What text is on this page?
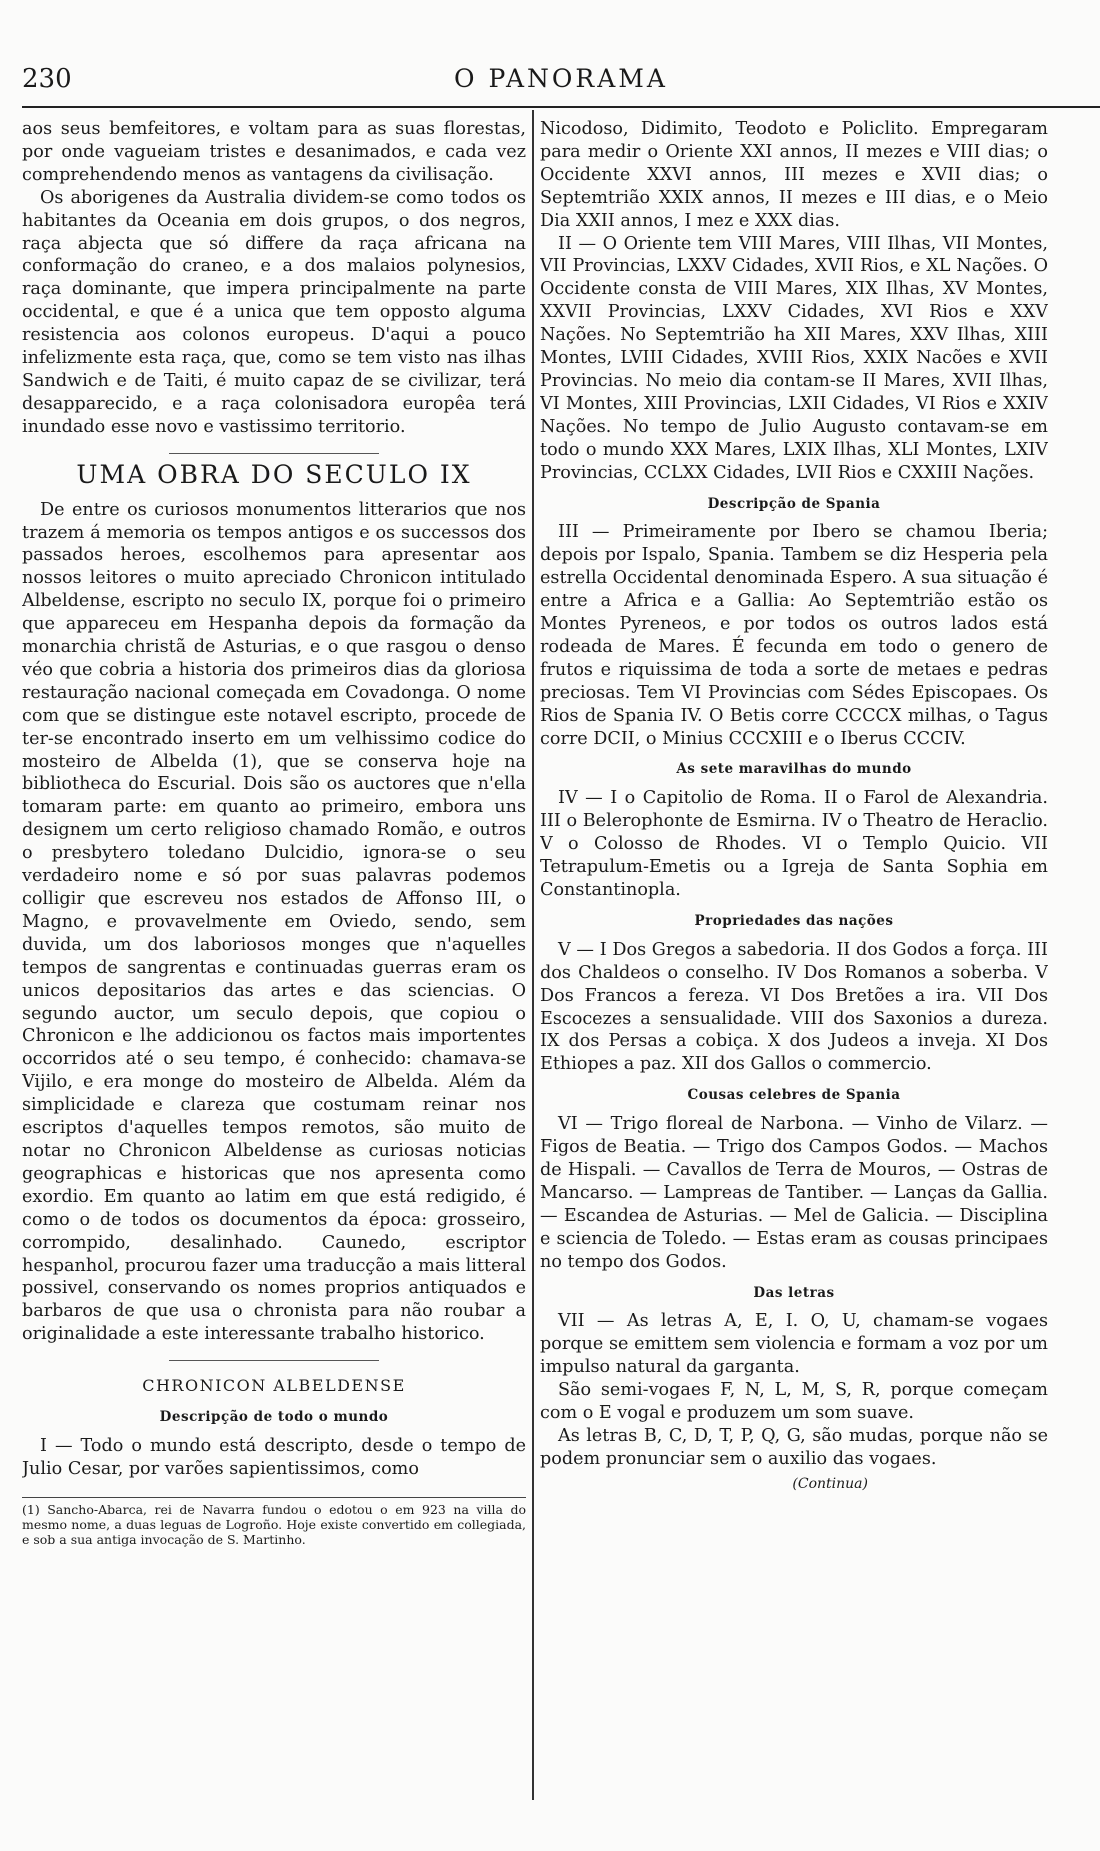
O PANORAMA
230

aos seus bemfeitores, e voltam para as suas florestas, por onde vagueiam tristes e desanimados, e cada vez comprehendendo menos as vantagens da civilisação.

Os aborigenes da Australia dividem-se como todos os habitantes da Oceania em dois grupos, o dos negros, raça abjecta que só differe da raça africana na conformação do craneo, e a dos malaios polynesios, raça dominante, que impera principalmente na parte occidental, e que é a unica que tem opposto alguma resistencia aos colonos europeus. D'aqui a pouco infelizmente esta raça, que, como se tem visto nas ilhas Sandwich e de Taiti, é muito capaz de se civilizar, terá desapparecido, e a raça colonisadora europêa terá inundado esse novo e vastissimo territorio.

UMA OBRA DO SECULO IX

De entre os curiosos monumentos litterarios que nos trazem á memoria os tempos antigos e os successos dos passados heroes, escolhemos para apresentar aos nossos leitores o muito apreciado Chronicon intitulado Albeldense, escripto no seculo IX, porque foi o primeiro que appareceu em Hespanha depois da formação da monarchia christã de Asturias, e o que rasgou o denso véo que cobria a historia dos primeiros dias da gloriosa restauração nacional começada em Covadonga. O nome com que se distingue este notavel escripto, procede de ter-se encontrado inserto em um velhissimo codice do mosteiro de Albelda (1), que se conserva hoje na bibliotheca do Escurial. Dois são os auctores que n'ella tomaram parte: em quanto ao primeiro, embora uns designem um certo religioso chamado Romão, e outros o presbytero toledano Dulcidio, ignora-se o seu verdadeiro nome e só por suas palavras podemos colligir que escreveu nos estados de Affonso III, o Magno, e provavelmente em Oviedo, sendo, sem duvida, um dos laboriosos monges que n'aquelles tempos de sangrentas e continuadas guerras eram os unicos depositarios das artes e das sciencias. O segundo auctor, um seculo depois, que copiou o Chronicon e lhe addicionou os factos mais importentes occorridos até o seu tempo, é conhecido: chamava-se Vijilo, e era monge do mosteiro de Albelda. Além da simplicidade e clareza que costumam reinar nos escriptos d'aquelles tempos remotos, são muito de notar no Chronicon Albeldense as curiosas noticias geographicas e historicas que nos apresenta como exordio. Em quanto ao latim em que está redigido, é como o de todos os documentos da época: grosseiro, corrompido, desalinhado. Caunedo, escriptor hespanhol, procurou fazer uma traducção a mais litteral possivel, conservando os nomes proprios antiquados e barbaros de que usa o chronista para não roubar a originalidade a este interessante trabalho historico.

CHRONICON ALBELDENSE
Descripção de todo o mundo

I — Todo o mundo está descripto, desde o tempo de Julio Cesar, por varões sapientissimos, como

(1) Sancho-Abarca, rei de Navarra fundou o edotou o em 923 na villa do mesmo nome, a duas leguas de Logroño. Hoje existe convertido em collegiada, e sob a sua antiga invocação de S. Martinho.

Nicodoso, Didimito, Teodoto e Policlito. Empregaram para medir o Oriente XXI annos, II mezes e VIII dias; o Occidente XXVI annos, III mezes e XVII dias; o Septemtrião XXIX annos, II mezes e III dias, e o Meio Dia XXII annos, I mez e XXX dias.

II — O Oriente tem VIII Mares, VIII Ilhas, VII Montes, VII Provincias, LXXV Cidades, XVII Rios, e XL Nações. O Occidente consta de VIII Mares, XIX Ilhas, XV Montes, XXVII Provincias, LXXV Cidades, XVI Rios e XXV Nações. No Septemtrião ha XII Mares, XXV Ilhas, XIII Montes, LVIII Cidades, XVIII Rios, XXIX Nacões e XVII Provincias. No meio dia contam-se II Mares, XVII Ilhas, VI Montes, XIII Provincias, LXII Cidades, VI Rios e XXIV Nações. No tempo de Julio Augusto contavam-se em todo o mundo XXX Mares, LXIX Ilhas, XLI Montes, LXIV Provincias, CCLXX Cidades, LVII Rios e CXXIII Nações.

Descripção de Spania

III — Primeiramente por Ibero se chamou Iberia; depois por Ispalo, Spania. Tambem se diz Hesperia pela estrella Occidental denominada Espero. A sua situação é entre a Africa e a Gallia: Ao Septemtrião estão os Montes Pyreneos, e por todos os outros lados está rodeada de Mares. É fecunda em todo o genero de frutos e riquissima de toda a sorte de metaes e pedras preciosas. Tem VI Provincias com Sédes Episcopaes. Os Rios de Spania IV. O Betis corre CCCCX milhas, o Tagus corre DCII, o Minius CCCXIII e o Iberus CCCIV.

As sete maravilhas do mundo

IV — I o Capitolio de Roma. II o Farol de Alexandria. III o Belerophonte de Esmirna. IV o Theatro de Heraclio. V o Colosso de Rhodes. VI o Templo Quicio. VII Tetrapulum-Emetis ou a Igreja de Santa Sophia em Constantinopla.

Propriedades das nações

V — I Dos Gregos a sabedoria. II dos Godos a força. III dos Chaldeos o conselho. IV Dos Romanos a soberba. V Dos Francos a fereza. VI Dos Bretões a ira. VII Dos Escocezes a sensualidade. VIII dos Saxonios a dureza. IX dos Persas a cobiça. X dos Judeos a inveja. XI Dos Ethiopes a paz. XII dos Gallos o commercio.

Cousas celebres de Spania

VI — Trigo floreal de Narbona. — Vinho de Vilarz. — Figos de Beatia. — Trigo dos Campos Godos. — Machos de Hispali. — Cavallos de Terra de Mouros, — Ostras de Mancarso. — Lampreas de Tantiber. — Lanças da Gallia. — Escandea de Asturias. — Mel de Galicia. — Disciplina e sciencia de Toledo. — Estas eram as cousas principaes no tempo dos Godos.

Das letras

VII — As letras A, E, I. O, U, chamam-se vogaes porque se emittem sem violencia e formam a voz por um impulso natural da garganta.

São semi-vogaes F, N, L, M, S, R, porque começam com o E vogal e produzem um som suave.

As letras B, C, D, T, P, Q, G, são mudas, porque não se podem pronunciar sem o auxilio das vogaes.

(Continua)
